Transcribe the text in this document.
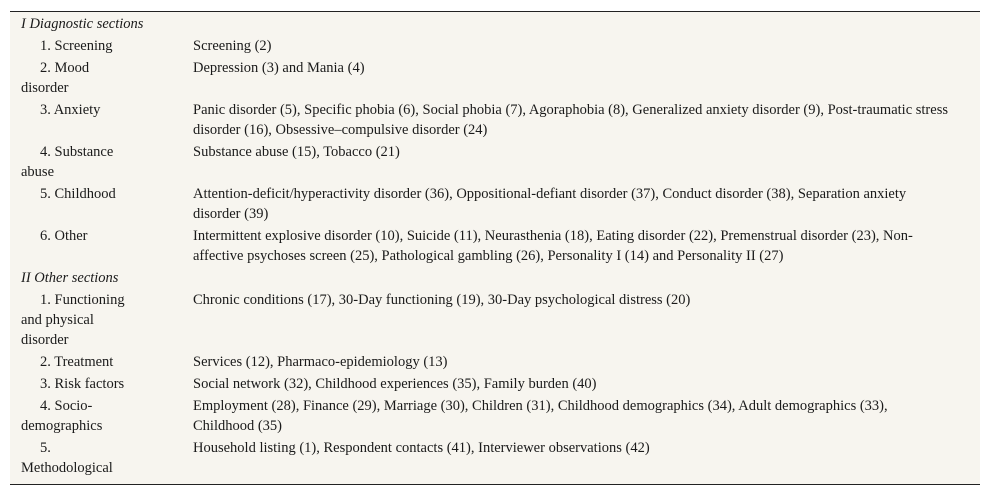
I Diagnostic sections	

1. Screening	Screening (2)

2. Mood
disorder	Depression (3) and Mania (4)

3. Anxiety	Panic disorder (5), Specific phobia (6), Social phobia (7), Agoraphobia (8), Generalized anxiety disorder (9), Post-traumatic stress disorder (16), Obsessive–compulsive disorder (24)

4. Substance
abuse	Substance abuse (15), Tobacco (21)

5. Childhood	Attention-deficit/hyperactivity disorder (36), Oppositional-defiant disorder (37), Conduct disorder (38), Separation anxiety disorder (39)

6. Other	Intermittent explosive disorder (10), Suicide (11), Neurasthenia (18), Eating disorder (22), Premenstrual disorder (23), Non-affective psychoses screen (25), Pathological gambling (26), Personality I (14) and Personality II (27)
II Other sections	

1. Functioning
and physical
disorder	Chronic conditions (17), 30-Day functioning (19), 30-Day psychological distress (20)

2. Treatment	Services (12), Pharmaco-epidemiology (13)

3. Risk factors	Social network (32), Childhood experiences (35), Family burden (40)

4. Socio-
demographics	Employment (28), Finance (29), Marriage (30), Children (31), Childhood demographics (34), Adult demographics (33), Childhood (35)

5.
Methodological	Household listing (1), Respondent contacts (41), Interviewer observations (42)
